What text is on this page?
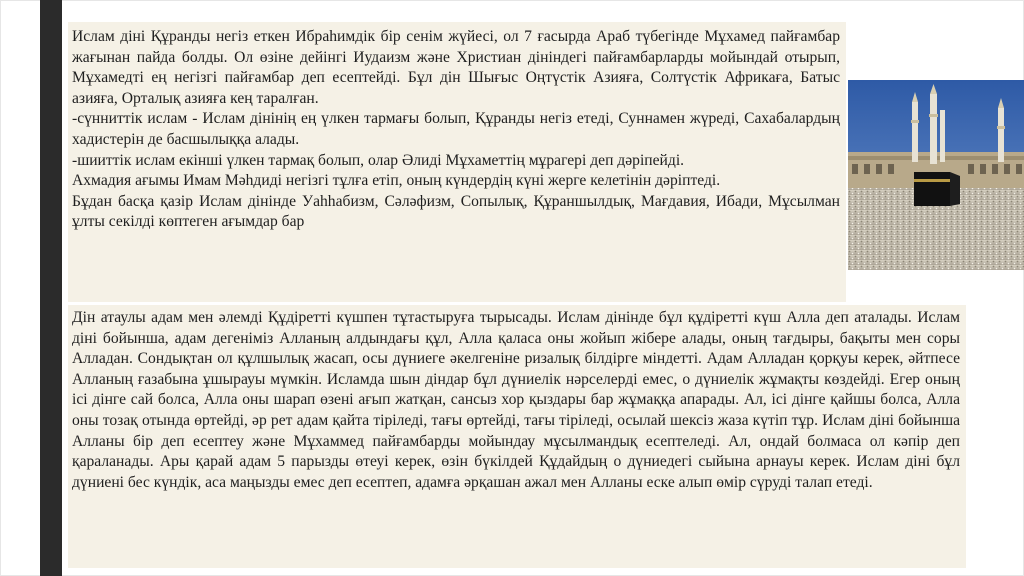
Ислам діні Құранды негіз еткен Ибраһимдік бір сенім жүйесі, ол 7 ғасырда Араб түбегінде Мұхамед пайғамбар жағынан пайда болды. Ол өзіне дейінгі Иудаизм және Христиан дініндегі пайғамбарларды мойындай отырып, Мұхамедті ең негізгі пайғамбар деп есептейді. Бұл дін Шығыс Оңтүстік Азияға, Солтүстік Африкаға, Батыс азияға, Орталық азияға кең таралған.

-сүнниттік ислам - Ислам дінінің ең үлкен тармағы болып, Құранды негіз етеді, Суннамен жүреді, Сахабалардың хадистерін де басшылыққа алады.

-шииттік ислам екінші үлкен тармақ болып, олар Әлиді Мұхаметтің мұрагері деп дәріпейді.

Ахмадия ағымы Имам Мәһдиді негізгі тұлға етіп, оның күндердің күні жерге келетінін дәріптеді.

Бұдан басқа қазір Ислам дінінде Уаһһабизм, Сәләфизм, Сопылық, Құраншылдық, Мағдавия, Ибади, Мұсылман ұлты секілді көптеген ағымдар бар

Дін атаулы адам мен әлемді Құдіретті күшпен тұтастыруға тырысады. Ислам дінінде бұл құдіретті күш Алла деп аталады. Ислам діні бойынша, адам дегеніміз Алланың алдындағы құл, Алла қаласа оны жойып жібере алады, оның тағдыры, бақыты мен соры Алладан. Сондықтан ол құлшылық жасап, осы дүниеге әкелгеніне ризалық білдірге міндетті. Адам Алладан қорқуы керек, әйтпесе Алланың ғазабына ұшырауы мүмкін. Исламда шын діндар бұл дүниелік нәрселерді емес, о дүниелік жұмақты көздейді. Егер оның ісі дінге сай болса, Алла оны шарап өзені ағып жатқан, сансыз хор қыздары бар жұмаққа апарады. Ал, ісі дінге қайшы болса, Алла оны тозақ отында өртейді, әр рет адам қайта тіріледі, тағы өртейді, тағы тіріледі, осылай шексіз жаза күтіп тұр. Ислам діні бойынша Алланы бір деп есептеу және Мұхаммед пайғамбарды мойындау мұсылмандық есептеледі. Ал, ондай болмаса ол кәпір деп қараланады. Ары қарай адам 5 парызды өтеуі керек, өзін бүкілдей Құдайдың о дүниедегі сыйына арнауы керек. Ислам діні бұл дүниені бес күндік, аса маңызды емес деп есептеп, адамға әрқашан ажал мен Алланы еске алып өмір сүруді талап етеді.
